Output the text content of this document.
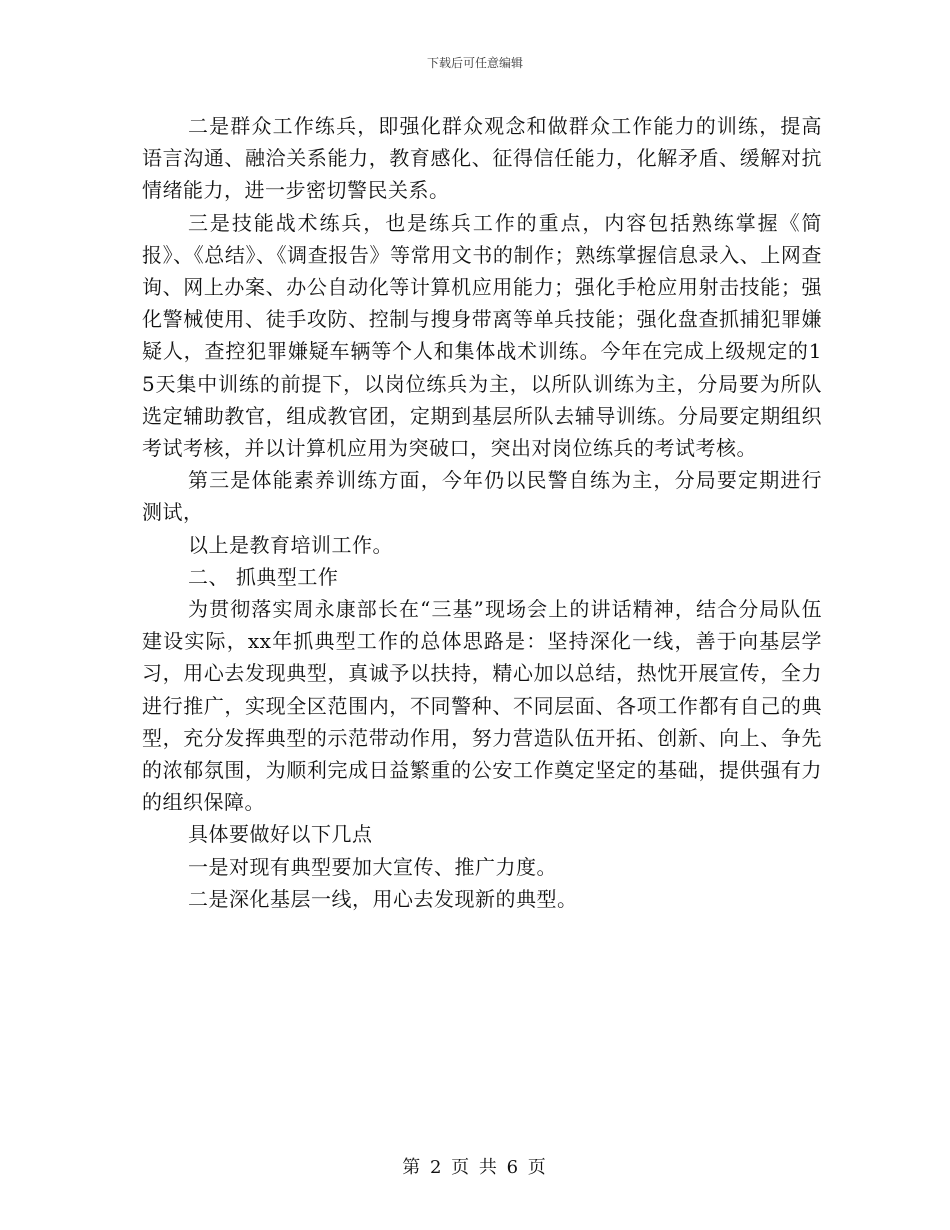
下载后可任意编辑

二是群众工作练兵，即强化群众观念和做群众工作能力的训练，提高语言沟通、融洽关系能力，教育感化、征得信任能力，化解矛盾、缓解对抗情绪能力，进一步密切警民关系。

三是技能战术练兵，也是练兵工作的重点，内容包括熟练掌握《简报》、《总结》、《调查报告》等常用文书的制作；熟练掌握信息录入、上网查询、网上办案、办公自动化等计算机应用能力；强化手枪应用射击技能；强化警械使用、徒手攻防、控制与搜身带离等单兵技能；强化盘查抓捕犯罪嫌疑人，查控犯罪嫌疑车辆等个人和集体战术训练。今年在完成上级规定的15天集中训练的前提下，以岗位练兵为主，以所队训练为主，分局要为所队选定辅助教官，组成教官团，定期到基层所队去辅导训练。分局要定期组织考试考核，并以计算机应用为突破口，突出对岗位练兵的考试考核。

第三是体能素养训练方面，今年仍以民警自练为主，分局要定期进行测试，

以上是教育培训工作。

二、 抓典型工作

为贯彻落实周永康部长在“三基”现场会上的讲话精神，结合分局队伍建设实际，xx年抓典型工作的总体思路是：坚持深化一线，善于向基层学习，用心去发现典型，真诚予以扶持，精心加以总结，热忱开展宣传，全力进行推广，实现全区范围内，不同警种、不同层面、各项工作都有自己的典型，充分发挥典型的示范带动作用，努力营造队伍开拓、创新、向上、争先的浓郁氛围，为顺利完成日益繁重的公安工作奠定坚定的基础，提供强有力的组织保障。

具体要做好以下几点

一是对现有典型要加大宣传、推广力度。

二是深化基层一线，用心去发现新的典型。

第 2 页 共 6 页
